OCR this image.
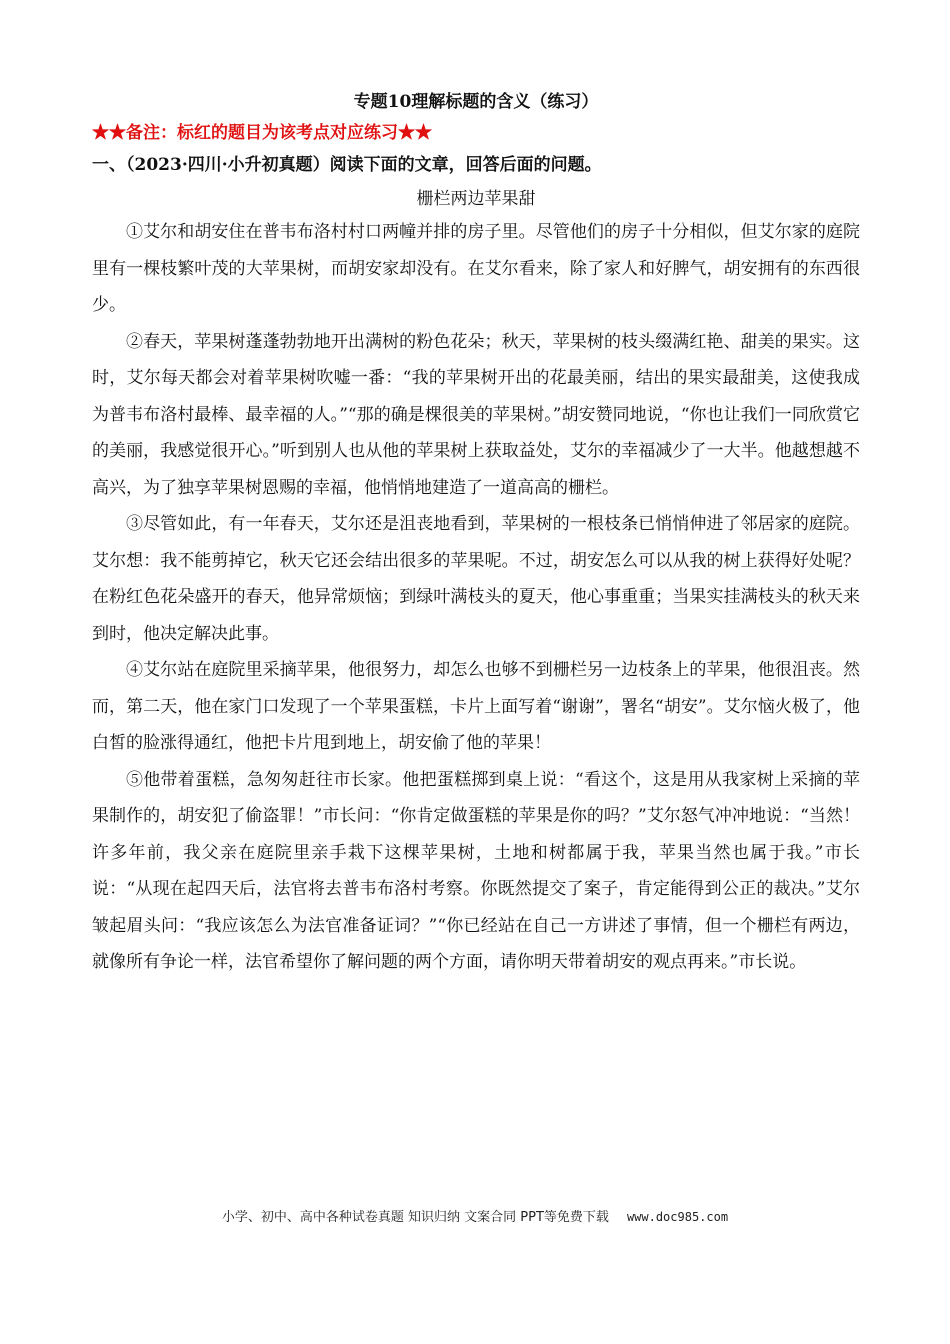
专题10理解标题的含义（练习）

★★备注：标红的题目为该考点对应练习★★

一、（2023·四川·小升初真题）阅读下面的文章，回答后面的问题。

栅栏两边苹果甜

①艾尔和胡安住在普韦布洛村村口两幢并排的房子里。尽管他们的房子十分相似，但艾尔家的庭院里有一棵枝繁叶茂的大苹果树，而胡安家却没有。在艾尔看来，除了家人和好脾气，胡安拥有的东西很少。

②春天，苹果树蓬蓬勃勃地开出满树的粉色花朵；秋天，苹果树的枝头缀满红艳、甜美的果实。这时，艾尔每天都会对着苹果树吹嘘一番：“我的苹果树开出的花最美丽，结出的果实最甜美，这使我成为普韦布洛村最棒、最幸福的人。”“那的确是棵很美的苹果树。”胡安赞同地说，“你也让我们一同欣赏它的美丽，我感觉很开心。”听到别人也从他的苹果树上获取益处，艾尔的幸福减少了一大半。他越想越不高兴，为了独享苹果树恩赐的幸福，他悄悄地建造了一道高高的栅栏。

③尽管如此，有一年春天，艾尔还是沮丧地看到，苹果树的一根枝条已悄悄伸进了邻居家的庭院。艾尔想：我不能剪掉它，秋天它还会结出很多的苹果呢。不过，胡安怎么可以从我的树上获得好处呢？在粉红色花朵盛开的春天，他异常烦恼；到绿叶满枝头的夏天，他心事重重；当果实挂满枝头的秋天来到时，他决定解决此事。

④艾尔站在庭院里采摘苹果，他很努力，却怎么也够不到栅栏另一边枝条上的苹果，他很沮丧。然而，第二天，他在家门口发现了一个苹果蛋糕，卡片上面写着“谢谢”，署名“胡安”。艾尔恼火极了，他白皙的脸涨得通红，他把卡片甩到地上，胡安偷了他的苹果！

⑤他带着蛋糕，急匆匆赶往市长家。他把蛋糕掷到桌上说：“看这个，这是用从我家树上采摘的苹果制作的，胡安犯了偷盗罪！”市长问：“你肯定做蛋糕的苹果是你的吗？”艾尔怒气冲冲地说：“当然！许多年前，我父亲在庭院里亲手栽下这棵苹果树，土地和树都属于我，苹果当然也属于我。”市长说：“从现在起四天后，法官将去普韦布洛村考察。你既然提交了案子，肯定能得到公正的裁决。”艾尔皱起眉头问：“我应该怎么为法官准备证词？”“你已经站在自己一方讲述了事情，但一个栅栏有两边，就像所有争论一样，法官希望你了解问题的两个方面，请你明天带着胡安的观点再来。”市长说。

小学、初中、高中各种试卷真题 知识归纳 文案合同 PPT等免费下载 www.doc985.com
